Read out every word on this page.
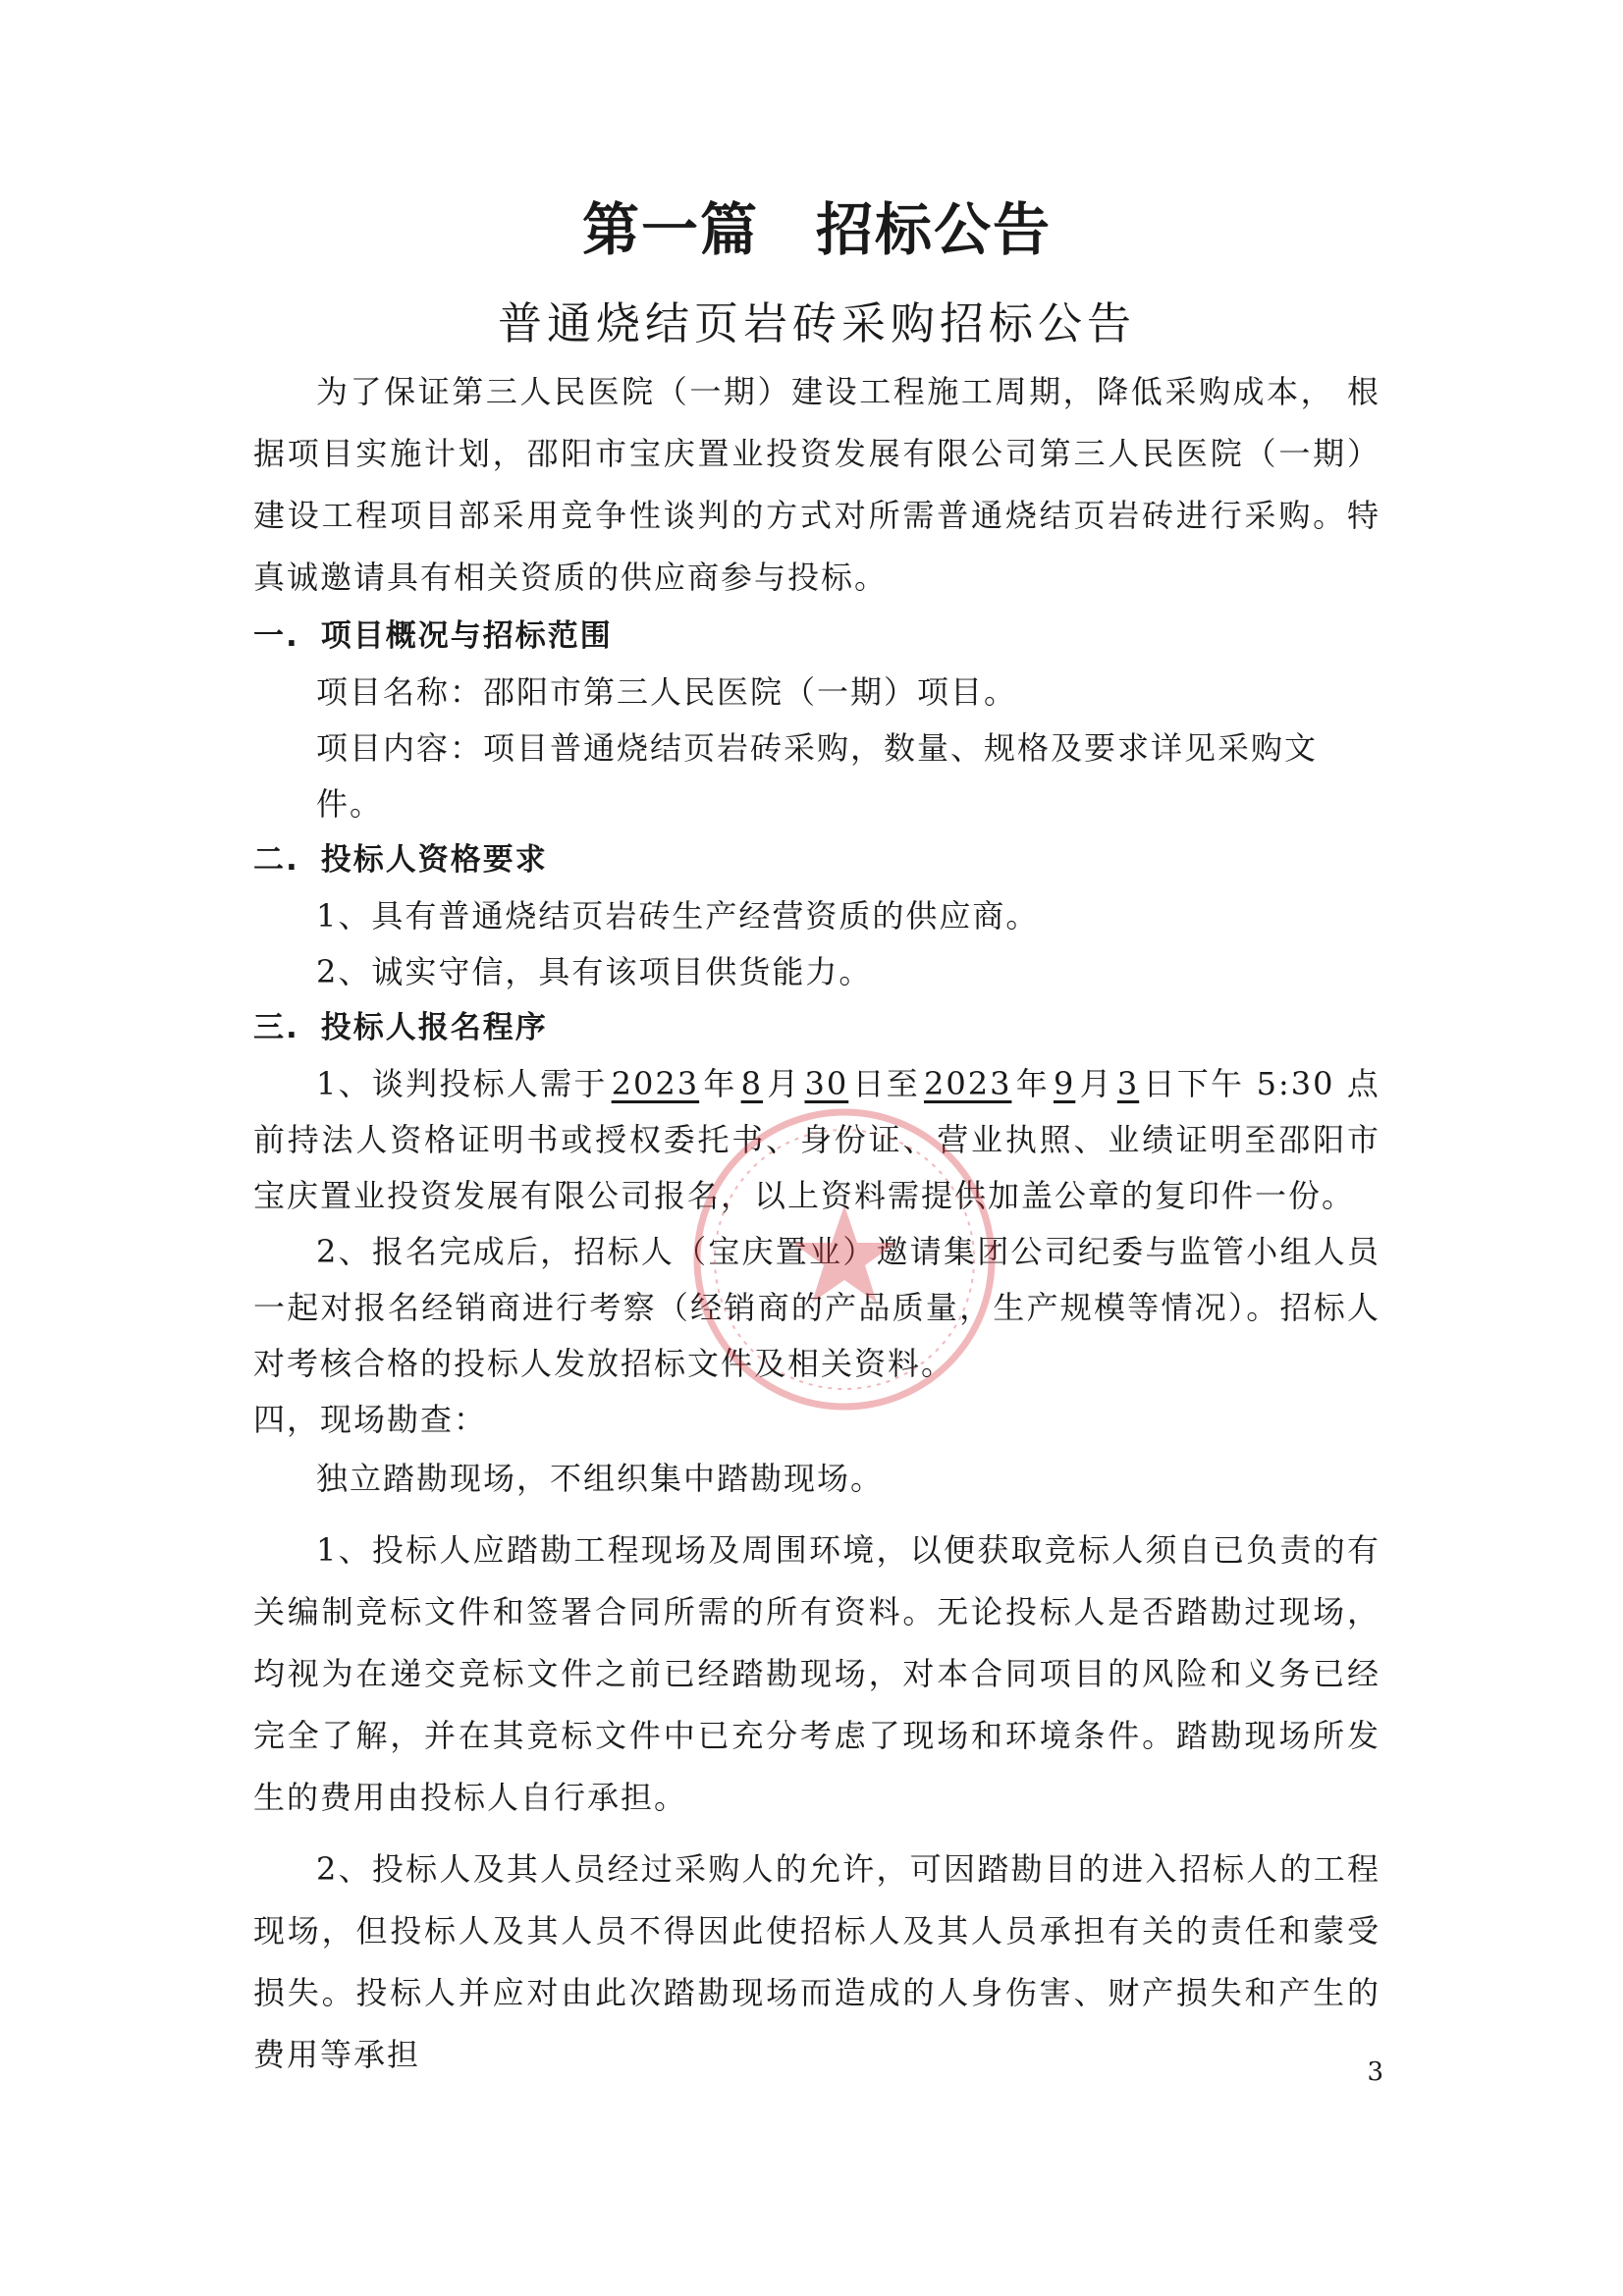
第一篇 招标公告
普通烧结页岩砖采购招标公告

为了保证第三人民医院（一期）建设工程施工周期，降低采购成本， 根据项目实施计划，邵阳市宝庆置业投资发展有限公司第三人民医院（一期）建设工程项目部采用竞争性谈判的方式对所需普通烧结页岩砖进行采购。特真诚邀请具有相关资质的供应商参与投标。

一. 项目概况与招标范围
项目名称：邵阳市第三人民医院（一期）项目。
项目内容：项目普通烧结页岩砖采购，数量、规格及要求详见采购文件。
二. 投标人资格要求
1、具有普通烧结页岩砖生产经营资质的供应商。
2、诚实守信，具有该项目供货能力。
三. 投标人报名程序

1、谈判投标人需于 2023 年 8 月 30 日至 2023 年 9 月 3 日下午 5:30 点前持法人资格证明书或授权委托书、身份证、营业执照、业绩证明至邵阳市宝庆置业投资发展有限公司报名，以上资料需提供加盖公章的复印件一份。

2、报名完成后，招标人（宝庆置业）邀请集团公司纪委与监管小组人员一起对报名经销商进行考察（经销商的产品质量，生产规模等情况）。招标人对考核合格的投标人发放招标文件及相关资料。

四，现场勘查：

独立踏勘现场，不组织集中踏勘现场。

1、投标人应踏勘工程现场及周围环境，以便获取竞标人须自已负责的有关编制竞标文件和签署合同所需的所有资料。无论投标人是否踏勘过现场，均视为在递交竞标文件之前已经踏勘现场，对本合同项目的风险和义务已经完全了解，并在其竞标文件中已充分考虑了现场和环境条件。踏勘现场所发生的费用由投标人自行承担。

2、投标人及其人员经过采购人的允许，可因踏勘目的进入招标人的工程现场，但投标人及其人员不得因此使招标人及其人员承担有关的责任和蒙受损失。投标人并应对由此次踏勘现场而造成的人身伤害、财产损失和产生的费用等承担	3
